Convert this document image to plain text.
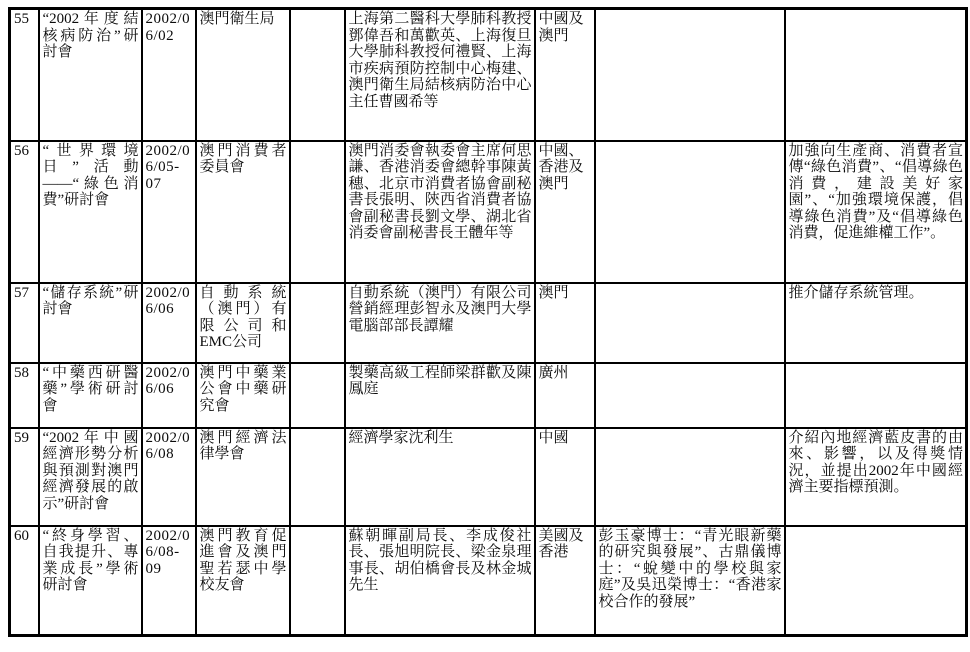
55	“2002年度結核病防治”研討會	2002/06/02	澳門衛生局		上海第二醫科大學肺科教授鄧偉吾和萬歡英、上海復旦大學肺科教授何禮賢、上海市疾病預防控制中心梅建、澳門衛生局結核病防治中心主任曹國希等	中國及澳門		
56	“世界環境日”活動——“綠色消費”研討會	2002/06/05-07	澳門消費者委員會		澳門消委會執委會主席何思謙、香港消委會總幹事陳黃穗、北京市消費者協會副秘書長張明、陝西省消費者協會副秘書長劉文學、湖北省消委會副秘書長王體年等	中國、香港及澳門		加強向生產商、消費者宣傳“綠色消費”、“倡導綠色消費，建設美好家園”、“加強環境保護，倡導綠色消費”及“倡導綠色消費，促進維權工作”。
57	“儲存系統”研討會	2002/06/06	自動系統（澳門）有限公司和EMC公司		自動系統（澳門）有限公司營銷經理彭智永及澳門大學電腦部部長譚耀	澳門		推介儲存系統管理。
58	“中藥西研醫藥”學術研討會	2002/06/06	澳門中藥業公會中藥研究會		製藥高級工程師梁群歡及陳鳳庭	廣州		
59	“2002年中國經濟形勢分析與預測對澳門經濟發展的啟示”研討會	2002/06/08	澳門經濟法律學會		經濟學家沈利生	中國		介紹內地經濟藍皮書的由來、影響，以及得獎情況，並提出2002年中國經濟主要指標預測。
60	“終身學習、自我提升、專業成長”學術研討會	2002/06/08-09	澳門教育促進會及澳門聖若瑟中學校友會		蘇朝暉副局長、李成俊社長、張旭明院長、梁金泉理事長、胡伯橋會長及林金城先生	美國及香港	彭玉豪博士：“青光眼新藥的研究與發展”、古鼎儀博士：“蛻變中的學校與家庭”及吳迅榮博士：“香港家校合作的發展”	
